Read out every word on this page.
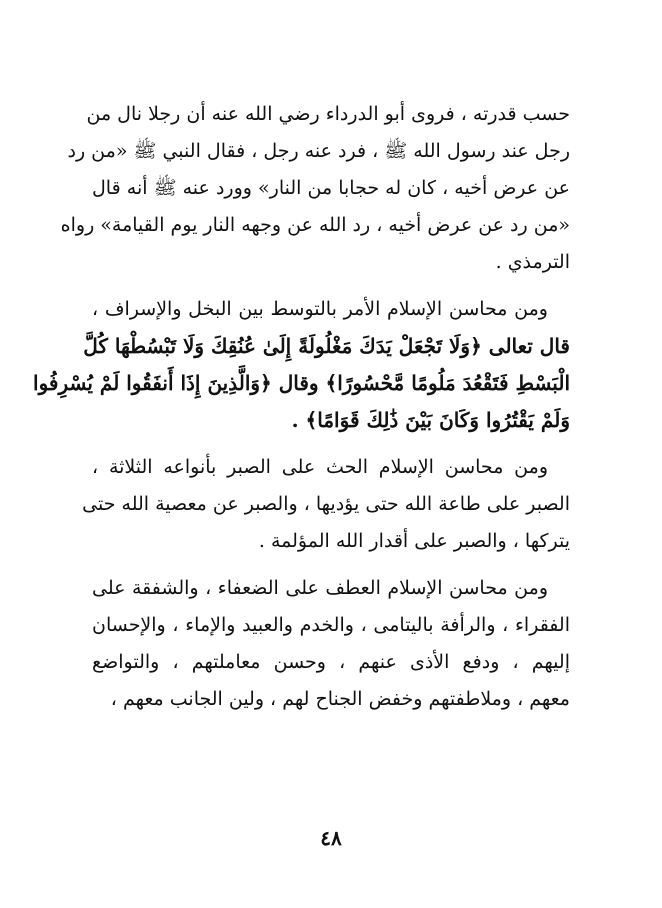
حسب قدرته ، فروى أبو الدرداء رضي الله عنه أن رجلا نال من
رجل عند رسول الله ﷺ ، فرد عنه رجل ، فقال النبي ﷺ «من رد
عن عرض أخيه ، كان له حجابا من النار» وورد عنه ﷺ أنه قال
«من رد عن عرض أخيه ، رد الله عن وجهه النار يوم القيامة» رواه
الترمذي .

ومن محاسن الإسلام الأمر بالتوسط بين البخل والإسراف ،
قال تعالى ﴿وَلَا تَجْعَلْ يَدَكَ مَغْلُولَةً إِلَىٰ عُنُقِكَ وَلَا تَبْسُطْهَا كُلَّ
الْبَسْطِ فَتَقْعُدَ مَلُومًا مَّحْسُورًا﴾ وقال ﴿وَالَّذِينَ إِذَا أَنفَقُوا لَمْ يُسْرِفُوا
وَلَمْ يَقْتُرُوا وَكَانَ بَيْنَ ذَٰلِكَ قَوَامًا﴾ .

ومن محاسن الإسلام الحث على الصبر بأنواعه الثلاثة ،
الصبر على طاعة الله حتى يؤديها ، والصبر عن معصية الله حتى
يتركها ، والصبر على أقدار الله المؤلمة .

ومن محاسن الإسلام العطف على الضعفاء ، والشفقة على
الفقراء ، والرأفة باليتامى ، والخدم والعبيد والإماء ، والإحسان
إليهم ، ودفع الأذى عنهم ، وحسن معاملتهم ، والتواضع
معهم ، وملاطفتهم وخفض الجناح لهم ، ولين الجانب معهم ،

٤٨
